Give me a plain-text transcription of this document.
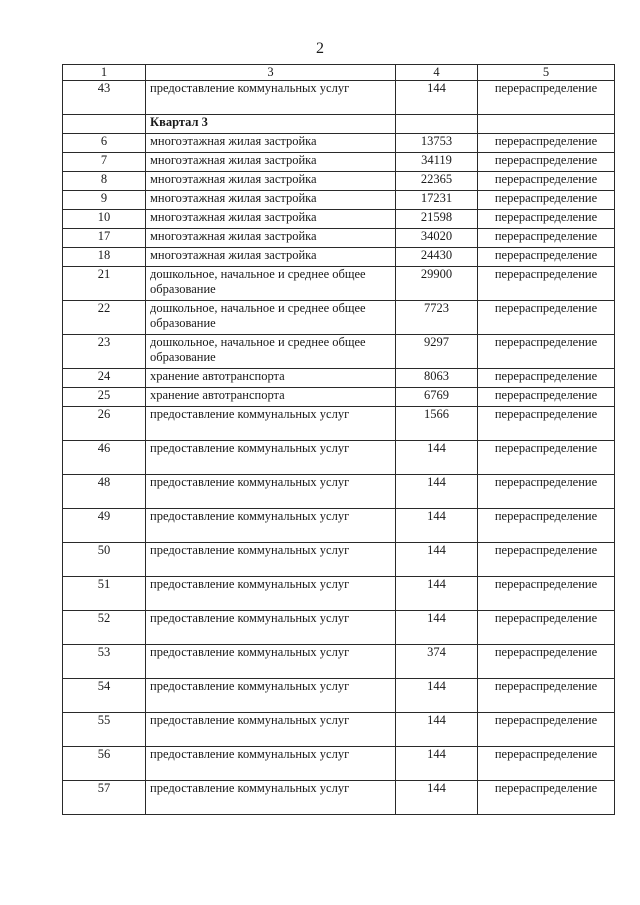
2
1	3	4	5
43	предоставление коммунальных услуг	144	перераспределение
	Квартал 3		
6	многоэтажная жилая застройка	13753	перераспределение
7	многоэтажная жилая застройка	34119	перераспределение
8	многоэтажная жилая застройка	22365	перераспределение
9	многоэтажная жилая застройка	17231	перераспределение
10	многоэтажная жилая застройка	21598	перераспределение
17	многоэтажная жилая застройка	34020	перераспределение
18	многоэтажная жилая застройка	24430	перераспределение
21	дошкольное, начальное и среднее общее образование	29900	перераспределение
22	дошкольное, начальное и среднее общее образование	7723	перераспределение
23	дошкольное, начальное и среднее общее образование	9297	перераспределение
24	хранение автотранспорта	8063	перераспределение
25	хранение автотранспорта	6769	перераспределение
26	предоставление коммунальных услуг	1566	перераспределение
46	предоставление коммунальных услуг	144	перераспределение
48	предоставление коммунальных услуг	144	перераспределение
49	предоставление коммунальных услуг	144	перераспределение
50	предоставление коммунальных услуг	144	перераспределение
51	предоставление коммунальных услуг	144	перераспределение
52	предоставление коммунальных услуг	144	перераспределение
53	предоставление коммунальных услуг	374	перераспределение
54	предоставление коммунальных услуг	144	перераспределение
55	предоставление коммунальных услуг	144	перераспределение
56	предоставление коммунальных услуг	144	перераспределение
57	предоставление коммунальных услуг	144	перераспределение
